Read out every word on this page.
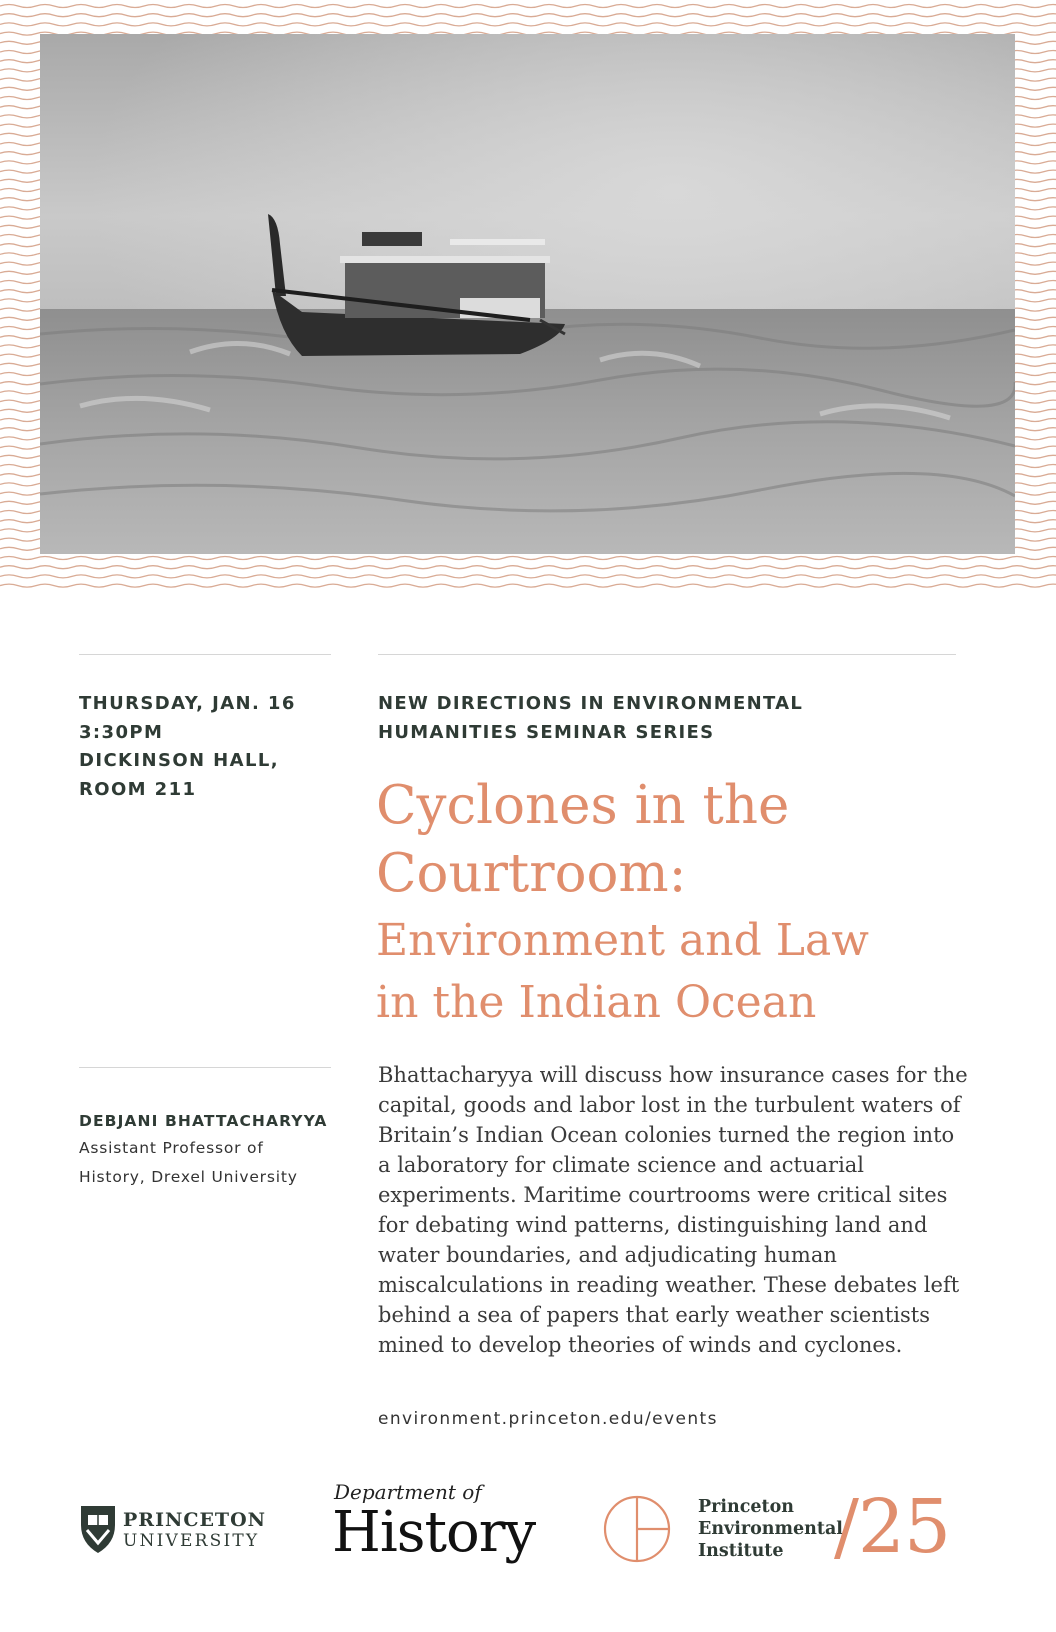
THURSDAY, JAN. 16
3:30PM
DICKINSON HALL,
ROOM 211
DEBJANI BHATTACHARYYA
Assistant Professor of
History, Drexel University
NEW DIRECTIONS IN ENVIRONMENTAL
HUMANITIES SEMINAR SERIES
Cyclones in the
Courtroom:
Environment and Law
in the Indian Ocean
Bhattacharyya will discuss how insurance cases for the
capital, goods and labor lost in the turbulent waters of
Britain’s Indian Ocean colonies turned the region into
a laboratory for climate science and actuarial
experiments. Maritime courtrooms were critical sites
for debating wind patterns, distinguishing land and
water boundaries, and adjudicating human
miscalculations in reading weather. These debates left
behind a sea of papers that early weather scientists
mined to develop theories of winds and cyclones.
environment.princeton.edu/events
PRINCETON
UNIVERSITY
Department of
History	Princeton
Environmental
Institute /25
